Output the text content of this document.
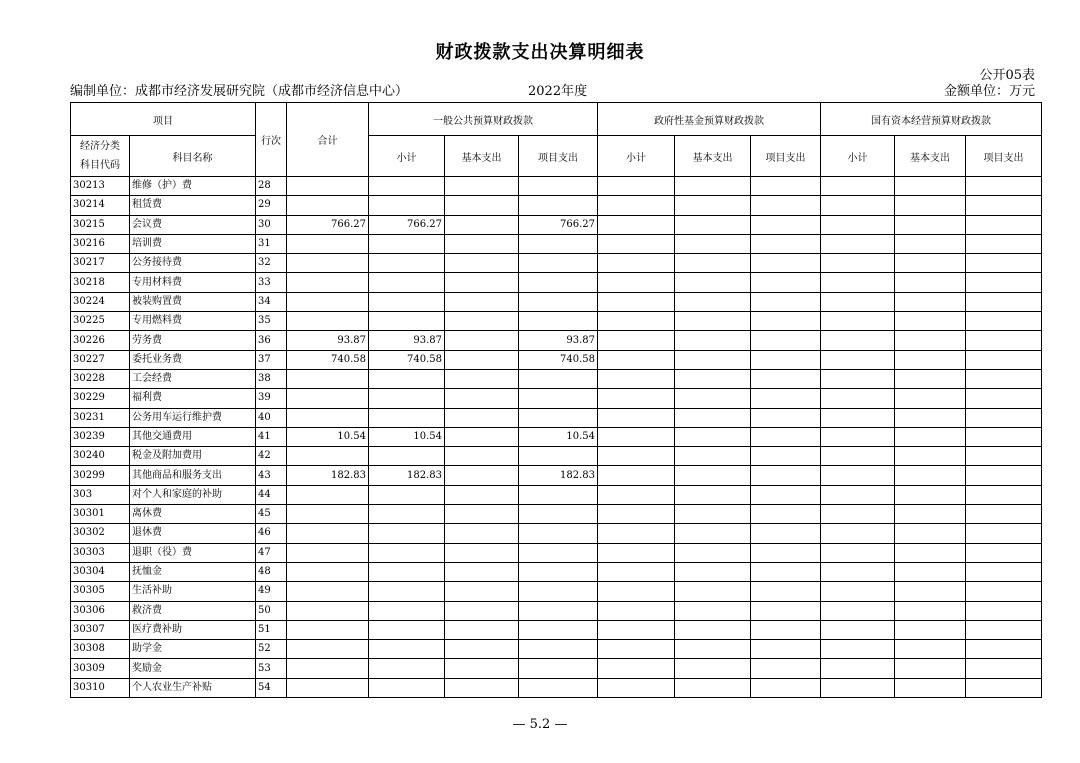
财政拨款支出决算明细表
公开05表
编制单位：成都市经济发展研究院（成都市经济信息中心）	2022年度	金额单位：万元
项目		行次	合计	一般公共预算财政拨款			政府性基金预算财政拨款			国有资本经营预算财政拨款		

经济分类
科目代码	科目名称			小计	基本支出	项目支出	小计	基本支出	项目支出	小计	基本支出	项目支出
30213	维修（护）费	28										
30214	租赁费	29										
30215	会议费	30	766.27	766.27		766.27						
30216	培训费	31										
30217	公务接待费	32										
30218	专用材料费	33										
30224	被装购置费	34										
30225	专用燃料费	35										
30226	劳务费	36	93.87	93.87		93.87						
30227	委托业务费	37	740.58	740.58		740.58						
30228	工会经费	38										
30229	福利费	39										
30231	公务用车运行维护费	40										
30239	其他交通费用	41	10.54	10.54		10.54						
30240	税金及附加费用	42										
30299	其他商品和服务支出	43	182.83	182.83		182.83						
303	对个人和家庭的补助	44										
30301	离休费	45										
30302	退休费	46										
30303	退职（役）费	47										
30304	抚恤金	48										
30305	生活补助	49										
30306	救济费	50										
30307	医疗费补助	51										
30308	助学金	52										
30309	奖励金	53										
30310	个人农业生产补贴	54										
— 5.2 —
